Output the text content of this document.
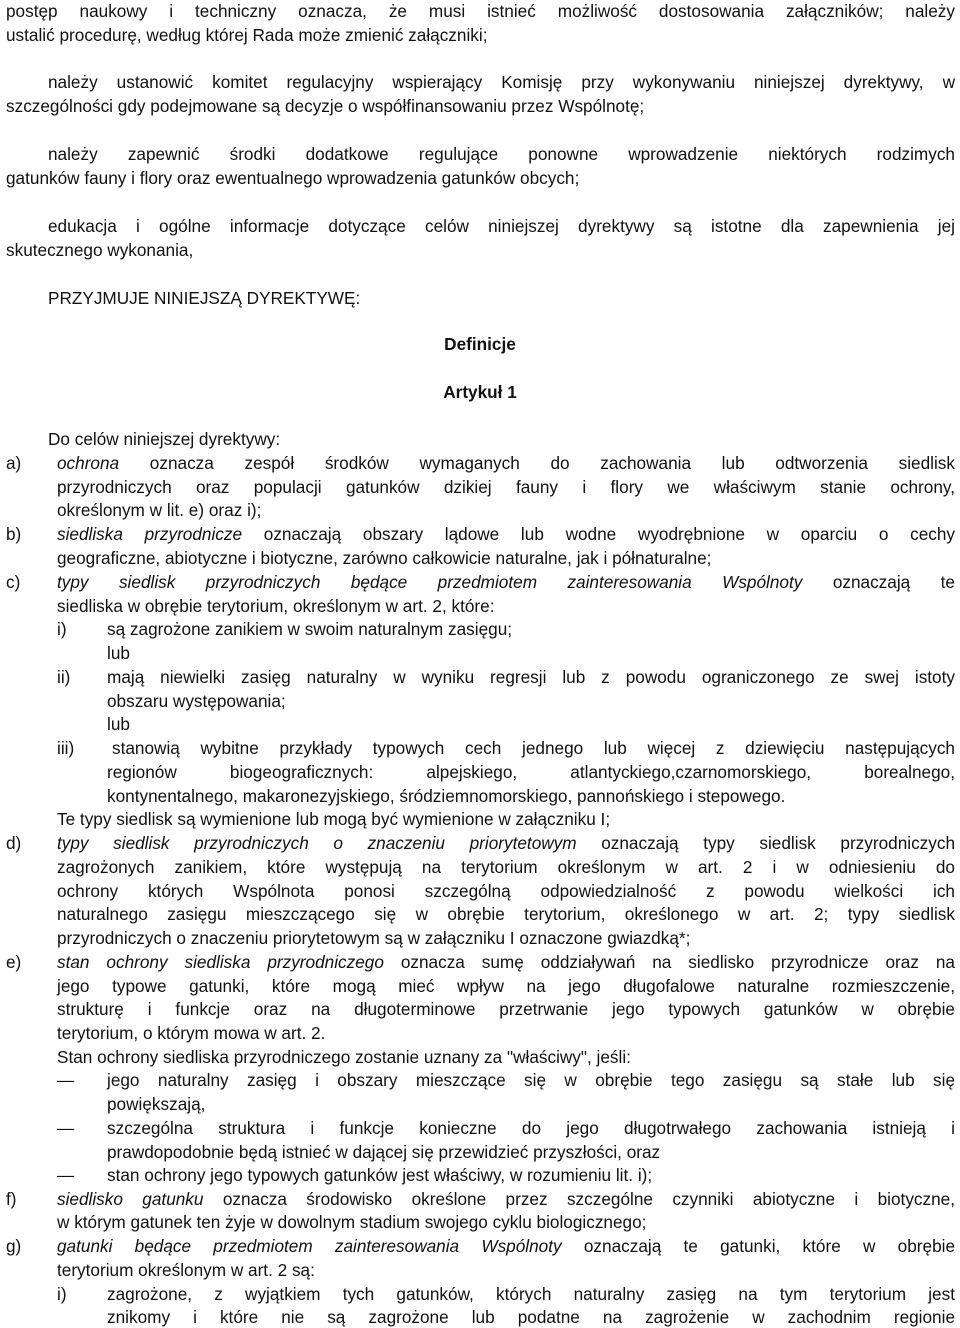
postęp naukowy i techniczny oznacza, że musi istnieć możliwość dostosowania załączników; należy
ustalić procedurę, według której Rada może zmienić załączniki;
należy ustanowić komitet regulacyjny wspierający Komisję przy wykonywaniu niniejszej dyrektywy, w
szczególności gdy podejmowane są decyzje o współfinansowaniu przez Wspólnotę;
należy zapewnić środki dodatkowe regulujące ponowne wprowadzenie niektórych rodzimych
gatunków fauny i flory oraz ewentualnego wprowadzenia gatunków obcych;
edukacja i ogólne informacje dotyczące celów niniejszej dyrektywy są istotne dla zapewnienia jej
skutecznego wykonania,
PRZYJMUJE NINIEJSZĄ DYREKTYWĘ:
Definicje
Artykuł 1
Do celów niniejszej dyrektywy:
a) ochrona oznacza zespół środków wymaganych do zachowania lub odtworzenia siedlisk
przyrodniczych oraz populacji gatunków dzikiej fauny i flory we właściwym stanie ochrony,
określonym w lit. e) oraz i);
b) siedliska przyrodnicze oznaczają obszary lądowe lub wodne wyodrębnione w oparciu o cechy
geograficzne, abiotyczne i biotyczne, zarówno całkowicie naturalne, jak i półnaturalne;
c) typy siedlisk przyrodniczych będące przedmiotem zainteresowania Wspólnoty oznaczają te
siedliska w obrębie terytorium, określonym w art. 2, które:
i) są zagrożone zanikiem w swoim naturalnym zasięgu;
lub
ii) mają niewielki zasięg naturalny w wyniku regresji lub z powodu ograniczonego ze swej istoty
obszaru występowania;
lub
iii) stanowią wybitne przykłady typowych cech jednego lub więcej z dziewięciu następujących
regionów biogeograficznych: alpejskiego, atlantyckiego,czarnomorskiego, borealnego,
kontynentalnego, makaronezyjskiego, śródziemnomorskiego, pannońskiego i stepowego.
Te typy siedlisk są wymienione lub mogą być wymienione w załączniku I;
d) typy siedlisk przyrodniczych o znaczeniu priorytetowym oznaczają typy siedlisk przyrodniczych
zagrożonych zanikiem, które występują na terytorium określonym w art. 2 i w odniesieniu do
ochrony których Wspólnota ponosi szczególną odpowiedzialność z powodu wielkości ich
naturalnego zasięgu mieszczącego się w obrębie terytorium, określonego w art. 2; typy siedlisk
przyrodniczych o znaczeniu priorytetowym są w załączniku I oznaczone gwiazdką*;
e) stan ochrony siedliska przyrodniczego oznacza sumę oddziaływań na siedlisko przyrodnicze oraz na
jego typowe gatunki, które mogą mieć wpływ na jego długofalowe naturalne rozmieszczenie,
strukturę i funkcje oraz na długoterminowe przetrwanie jego typowych gatunków w obrębie
terytorium, o którym mowa w art. 2.
Stan ochrony siedliska przyrodniczego zostanie uznany za "właściwy", jeśli:
— jego naturalny zasięg i obszary mieszczące się w obrębie tego zasięgu są stałe lub się
powiększają,
— szczególna struktura i funkcje konieczne do jego długotrwałego zachowania istnieją i
prawdopodobnie będą istnieć w dającej się przewidzieć przyszłości, oraz
— stan ochrony jego typowych gatunków jest właściwy, w rozumieniu lit. i);
f) siedlisko gatunku oznacza środowisko określone przez szczególne czynniki abiotyczne i biotyczne,
w którym gatunek ten żyje w dowolnym stadium swojego cyklu biologicznego;
g) gatunki będące przedmiotem zainteresowania Wspólnoty oznaczają te gatunki, które w obrębie
terytorium określonym w art. 2 są:
i) zagrożone, z wyjątkiem tych gatunków, których naturalny zasięg na tym terytorium jest
znikomy i które nie są zagrożone lub podatne na zagrożenie w zachodnim regionie
